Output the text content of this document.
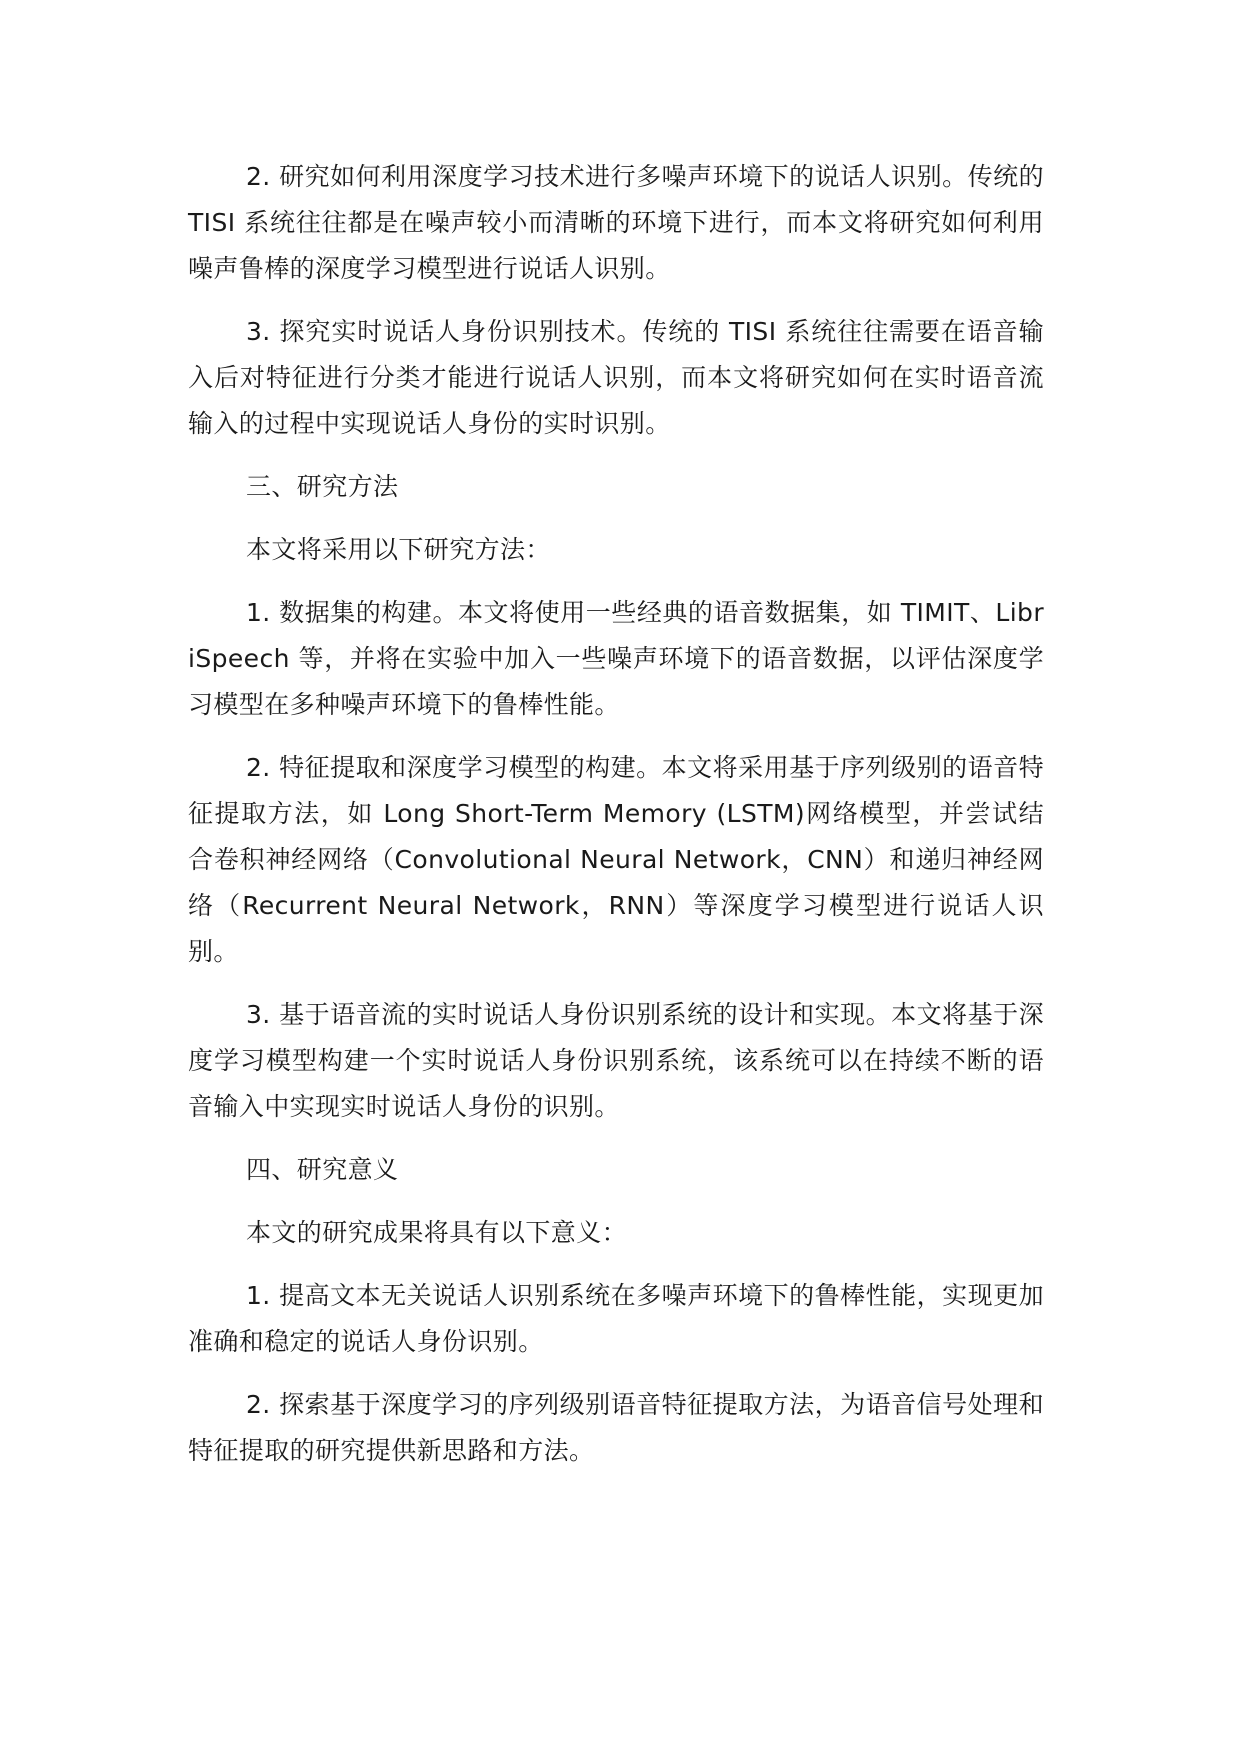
2. 研究如何利用深度学习技术进行多噪声环境下的说话人识别。传统的 TISI 系统往往都是在噪声较小而清晰的环境下进行，而本文将研究如何利用噪声鲁棒的深度学习模型进行说话人识别。

3. 探究实时说话人身份识别技术。传统的 TISI 系统往往需要在语音输入后对特征进行分类才能进行说话人识别，而本文将研究如何在实时语音流输入的过程中实现说话人身份的实时识别。

三、研究方法

本文将采用以下研究方法：

1. 数据集的构建。本文将使用一些经典的语音数据集，如 TIMIT、LibriSpeech 等，并将在实验中加入一些噪声环境下的语音数据，以评估深度学习模型在多种噪声环境下的鲁棒性能。

2. 特征提取和深度学习模型的构建。本文将采用基于序列级别的语音特征提取方法，如 Long Short-Term Memory (LSTM)网络模型，并尝试结合卷积神经网络（Convolutional Neural Network，CNN）和递归神经网络（Recurrent Neural Network，RNN）等深度学习模型进行说话人识别。

3. 基于语音流的实时说话人身份识别系统的设计和实现。本文将基于深度学习模型构建一个实时说话人身份识别系统，该系统可以在持续不断的语音输入中实现实时说话人身份的识别。

四、研究意义

本文的研究成果将具有以下意义：

1. 提高文本无关说话人识别系统在多噪声环境下的鲁棒性能，实现更加准确和稳定的说话人身份识别。

2. 探索基于深度学习的序列级别语音特征提取方法，为语音信号处理和特征提取的研究提供新思路和方法。
